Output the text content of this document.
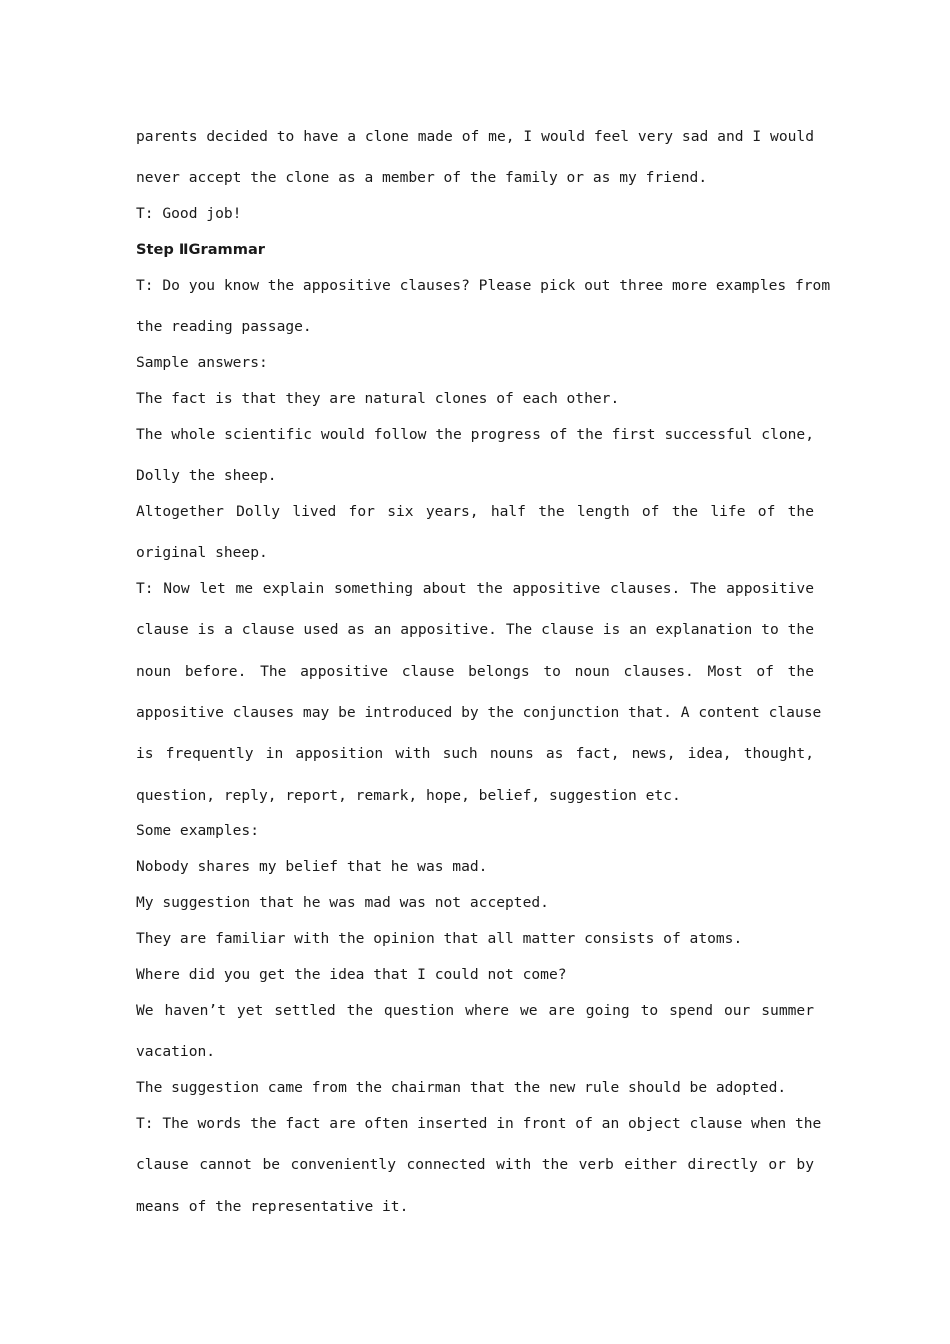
parents decided to have a clone made of me, I would feel very sad and I would

never accept the clone as a member of the family or as my friend.

T: Good job!

Step ⅡGrammar

T: Do you know the appositive clauses? Please pick out three more examples from

the reading passage.

Sample answers:

The fact is that they are natural clones of each other.

The whole scientific would follow the progress of the first successful clone,

Dolly the sheep.

Altogether Dolly lived for six years, half the length of the life of the

original sheep.

T: Now let me explain something about the appositive clauses. The appositive

clause is a clause used as an appositive. The clause is an explanation to the

noun before. The appositive clause belongs to noun clauses. Most of the

appositive clauses may be introduced by the conjunction that. A content clause

is frequently in apposition with such nouns as fact, news, idea, thought,

question, reply, report, remark, hope, belief, suggestion etc.

Some examples:

Nobody shares my belief that he was mad.

My suggestion that he was mad was not accepted.

They are familiar with the opinion that all matter consists of atoms.

Where did you get the idea that I could not come?

We haven’t yet settled the question where we are going to spend our summer

vacation.

The suggestion came from the chairman that the new rule should be adopted.

T: The words the fact are often inserted in front of an object clause when the

clause cannot be conveniently connected with the verb either directly or by

means of the representative it.
